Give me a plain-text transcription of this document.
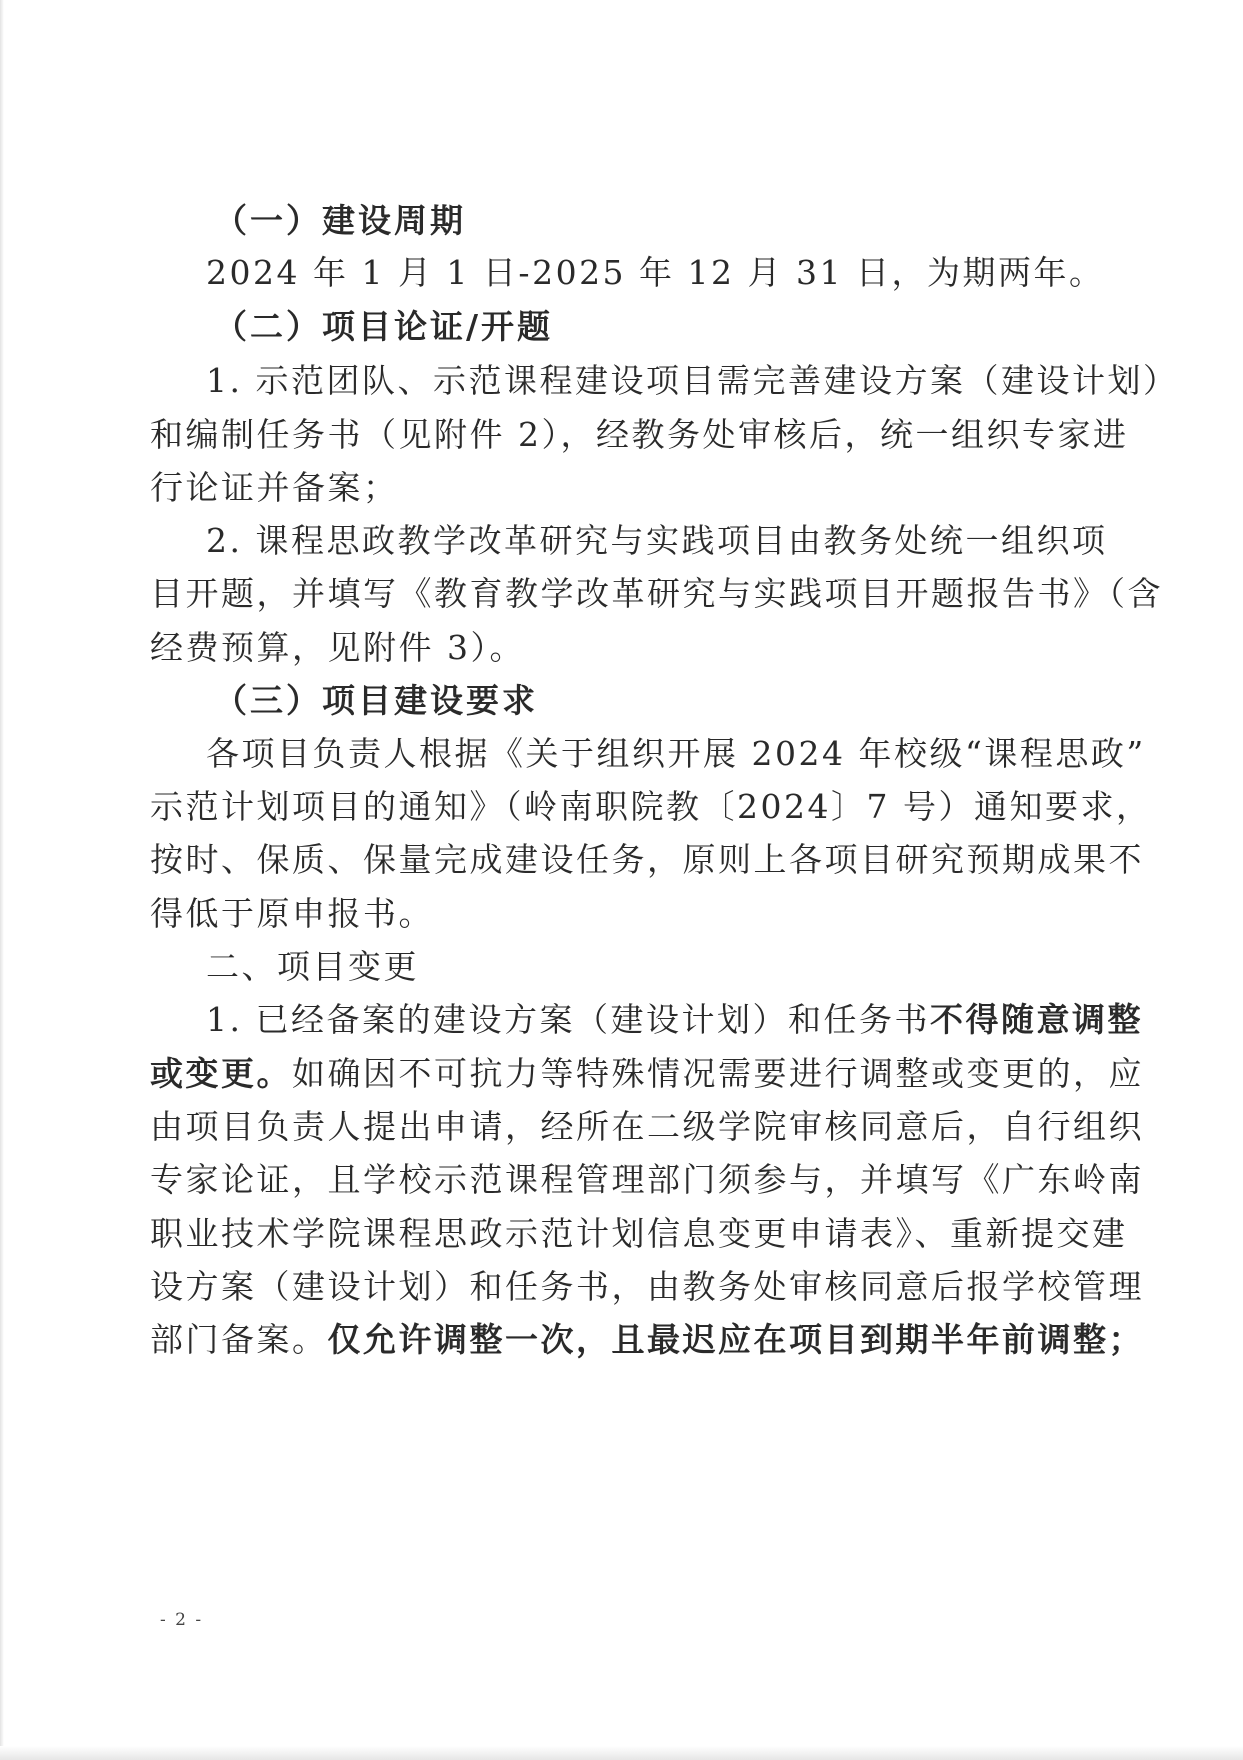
（一）建设周期

2024 年 1 月 1 日-2025 年 12 月 31 日，为期两年。

（二）项目论证/开题

1. 示范团队、示范课程建设项目需完善建设方案（建设计划）

和编制任务书（见附件 2），经教务处审核后，统一组织专家进

行论证并备案；

2. 课程思政教学改革研究与实践项目由教务处统一组织项

目开题，并填写《教育教学改革研究与实践项目开题报告书》（含

经费预算，见附件 3）。

（三）项目建设要求

各项目负责人根据《关于组织开展 2024 年校级“课程思政”

示范计划项目的通知》（岭南职院教〔2024〕7 号）通知要求，

按时、保质、保量完成建设任务，原则上各项目研究预期成果不

得低于原申报书。

二、项目变更

1. 已经备案的建设方案（建设计划）和任务书不得随意调整

或变更。如确因不可抗力等特殊情况需要进行调整或变更的，应

由项目负责人提出申请，经所在二级学院审核同意后，自行组织

专家论证，且学校示范课程管理部门须参与，并填写《广东岭南

职业技术学院课程思政示范计划信息变更申请表》、重新提交建

设方案（建设计划）和任务书，由教务处审核同意后报学校管理

部门备案。仅允许调整一次，且最迟应在项目到期半年前调整；

- 2 -
